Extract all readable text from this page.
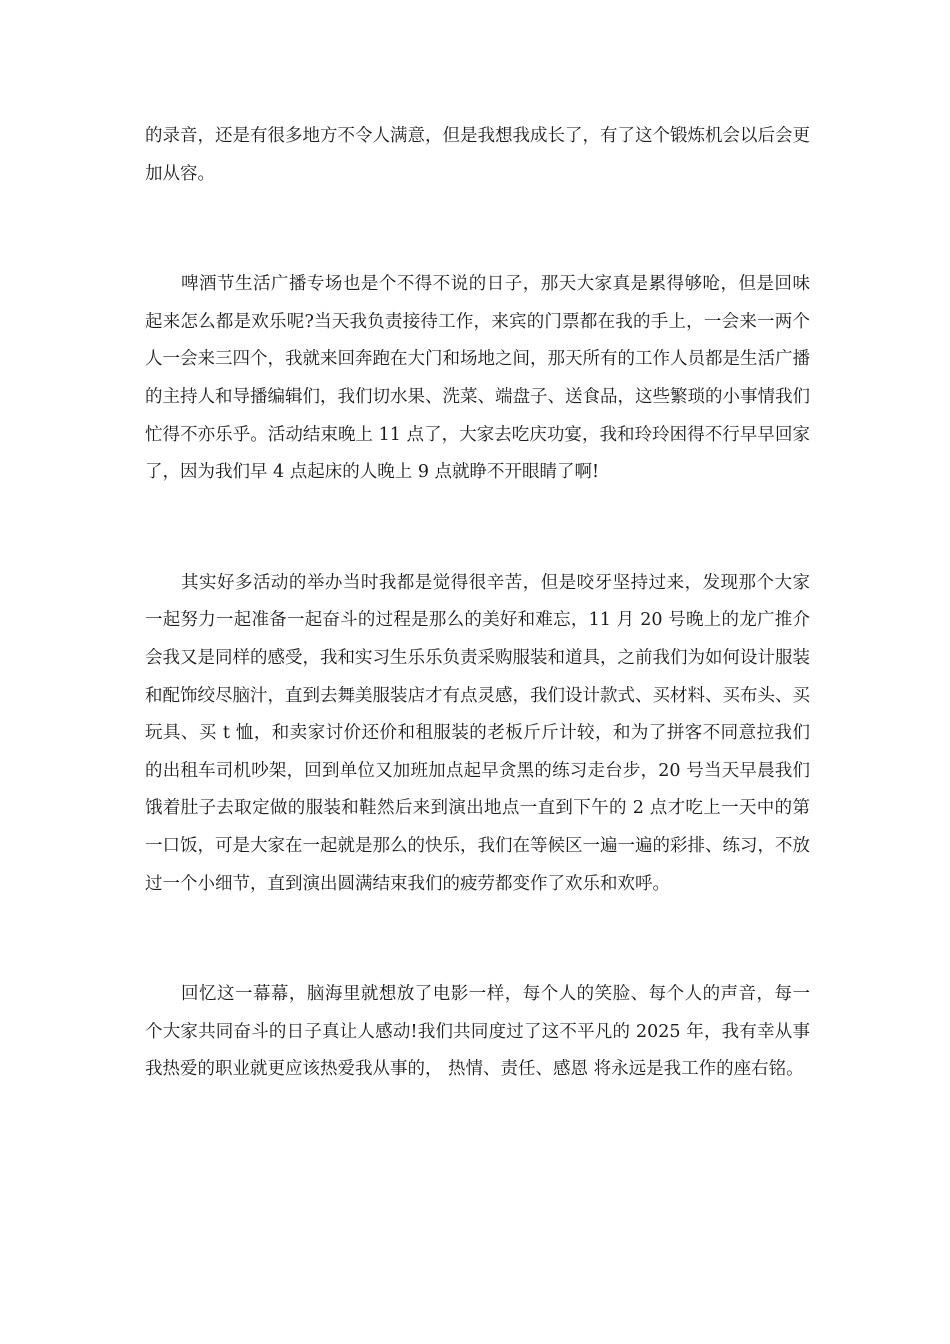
的录音，还是有很多地方不令人满意，但是我想我成长了，有了这个锻炼机会以后会更加从容。

啤酒节生活广播专场也是个不得不说的日子，那天大家真是累得够呛，但是回味起来怎么都是欢乐呢?当天我负责接待工作，来宾的门票都在我的手上，一会来一两个人一会来三四个，我就来回奔跑在大门和场地之间，那天所有的工作人员都是生活广播的主持人和导播编辑们，我们切水果、洗菜、端盘子、送食品，这些繁琐的小事情我们忙得不亦乐乎。活动结束晚上 11 点了，大家去吃庆功宴，我和玲玲困得不行早早回家了，因为我们早 4 点起床的人晚上 9 点就睁不开眼睛了啊!

其实好多活动的举办当时我都是觉得很辛苦，但是咬牙坚持过来，发现那个大家一起努力一起准备一起奋斗的过程是那么的美好和难忘，11 月 20 号晚上的龙广推介会我又是同样的感受，我和实习生乐乐负责采购服装和道具，之前我们为如何设计服装和配饰绞尽脑汁，直到去舞美服装店才有点灵感，我们设计款式、买材料、买布头、买玩具、买 t 恤，和卖家讨价还价和租服装的老板斤斤计较，和为了拼客不同意拉我们的出租车司机吵架，回到单位又加班加点起早贪黑的练习走台步，20 号当天早晨我们饿着肚子去取定做的服装和鞋然后来到演出地点一直到下午的 2 点才吃上一天中的第一口饭，可是大家在一起就是那么的快乐，我们在等候区一遍一遍的彩排、练习，不放过一个小细节，直到演出圆满结束我们的疲劳都变作了欢乐和欢呼。

回忆这一幕幕，脑海里就想放了电影一样，每个人的笑脸、每个人的声音，每一个大家共同奋斗的日子真让人感动!我们共同度过了这不平凡的 2025 年，我有幸从事我热爱的职业就更应该热爱我从事的， 热情、责任、感恩 将永远是我工作的座右铭。
